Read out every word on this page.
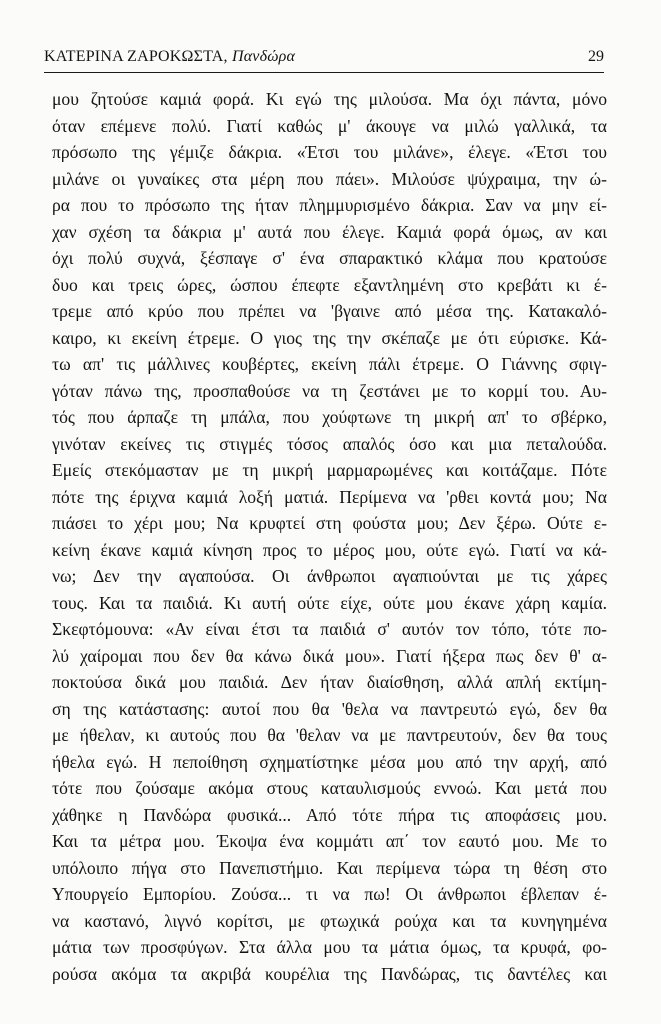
ΚΑΤΕΡΙΝΑ ΖΑΡΟΚΩΣΤΑ, Πανδώρα	29
μου ζητούσε καμιά φορά. Κι εγώ της μιλούσα. Μα όχι πάντα, μόνο
όταν επέμενε πολύ. Γιατί καθώς μ' άκουγε να μιλώ γαλλικά, τα
πρόσωπο της γέμιζε δάκρια. «Έτσι του μιλάνε», έλεγε. «Έτσι του
μιλάνε οι γυναίκες στα μέρη που πάει». Μιλούσε ψύχραιμα, την ώ-
ρα που το πρόσωπο της ήταν πλημμυρισμένο δάκρια. Σαν να μην εί-
χαν σχέση τα δάκρια μ' αυτά που έλεγε. Καμιά φορά όμως, αν και
όχι πολύ συχνά, ξέσπαγε σ' ένα σπαρακτικό κλάμα που κρατούσε
δυο και τρεις ώρες, ώσπου έπεφτε εξαντλημένη στο κρεβάτι κι έ-
τρεμε από κρύο που πρέπει να 'βγαινε από μέσα της. Κατακαλό-
καιρο, κι εκείνη έτρεμε. Ο γιος της την σκέπαζε με ότι εύρισκε. Κά-
τω απ' τις μάλλινες κουβέρτες, εκείνη πάλι έτρεμε. Ο Γιάννης σφιγ-
γόταν πάνω της, προσπαθούσε να τη ζεστάνει με το κορμί του. Αυ-
τός που άρπαζε τη μπάλα, που χούφτωνε τη μικρή απ' το σβέρκο,
γινόταν εκείνες τις στιγμές τόσος απαλός όσο και μια πεταλούδα.
Εμείς στεκόμασταν με τη μικρή μαρμαρωμένες και κοιτάζαμε. Πότε
πότε της έριχνα καμιά λοξή ματιά. Περίμενα να 'ρθει κοντά μου; Να
πιάσει το χέρι μου; Να κρυφτεί στη φούστα μου; Δεν ξέρω. Ούτε ε-
κείνη έκανε καμιά κίνηση προς το μέρος μου, ούτε εγώ. Γιατί να κά-
νω; Δεν την αγαπούσα. Οι άνθρωποι αγαπιούνται με τις χάρες
τους. Και τα παιδιά. Κι αυτή ούτε είχε, ούτε μου έκανε χάρη καμία.
Σκεφτόμουνα: «Αν είναι έτσι τα παιδιά σ' αυτόν τον τόπο, τότε πο-
λύ χαίρομαι που δεν θα κάνω δικά μου». Γιατί ήξερα πως δεν θ' α-
ποκτούσα δικά μου παιδιά. Δεν ήταν διαίσθηση, αλλά απλή εκτίμη-
ση της κατάστασης: αυτοί που θα 'θελα να παντρευτώ εγώ, δεν θα
με ήθελαν, κι αυτούς που θα 'θελαν να με παντρευτούν, δεν θα τους
ήθελα εγώ. Η πεποίθηση σχηματίστηκε μέσα μου από την αρχή, από
τότε που ζούσαμε ακόμα στους καταυλισμούς εννοώ. Και μετά που
χάθηκε η Πανδώρα φυσικά... Από τότε πήρα τις αποφάσεις μου.
Και τα μέτρα μου. Έκοψα ένα κομμάτι απ΄ τον εαυτό μου. Με το
υπόλοιπο πήγα στο Πανεπιστήμιο. Και περίμενα τώρα τη θέση στο
Υπουργείο Εμπορίου. Ζούσα... τι να πω! Οι άνθρωποι έβλεπαν έ-
να καστανό, λιγνό κορίτσι, με φτωχικά ρούχα και τα κυνηγημένα
μάτια των προσφύγων. Στα άλλα μου τα μάτια όμως, τα κρυφά, φο-
ρούσα ακόμα τα ακριβά κουρέλια της Πανδώρας, τις δαντέλες και
